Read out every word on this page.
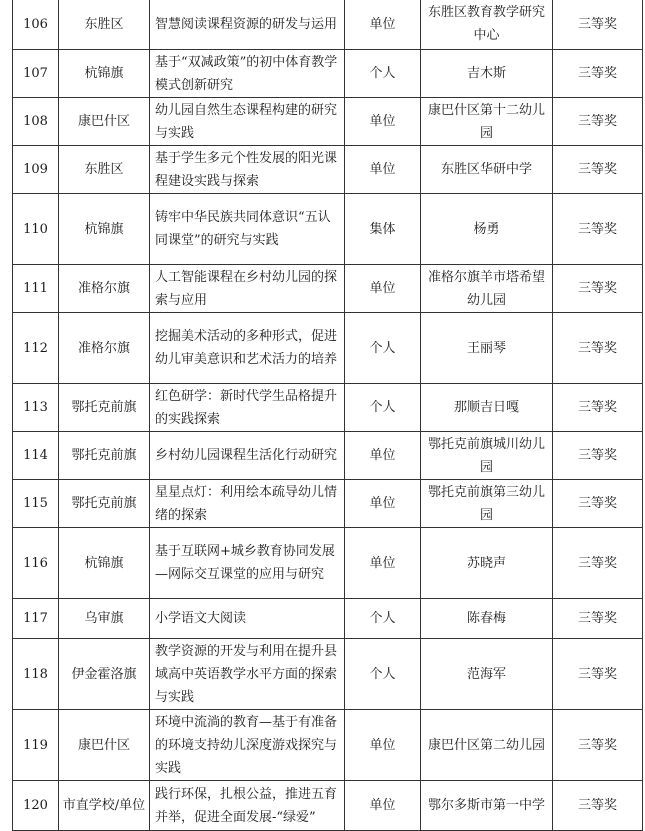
106	东胜区	智慧阅读课程资源的研发与运用	单位	东胜区教育教学研究中心	三等奖
107	杭锦旗	基于“双减政策”的初中体育教学模式创新研究	个人	吉木斯	三等奖
108	康巴什区	幼儿园自然生态课程构建的研究与实践	单位	康巴什区第十二幼儿园	三等奖
109	东胜区	基于学生多元个性发展的阳光课程建设实践与探索	单位	东胜区华研中学	三等奖
110	杭锦旗	铸牢中华民族共同体意识“五认同课堂”的研究与实践	集体	杨勇	三等奖
111	准格尔旗	人工智能课程在乡村幼儿园的探索与应用	单位	准格尔旗羊市塔希望幼儿园	三等奖
112	准格尔旗	挖掘美术活动的多种形式，促进幼儿审美意识和艺术活力的培养	个人	王丽琴	三等奖
113	鄂托克前旗	红色研学：新时代学生品格提升的实践探索	个人	那顺吉日嘎	三等奖
114	鄂托克前旗	乡村幼儿园课程生活化行动研究	单位	鄂托克前旗城川幼儿园	三等奖
115	鄂托克前旗	星星点灯：利用绘本疏导幼儿情绪的探索	单位	鄂托克前旗第三幼儿园	三等奖
116	杭锦旗	基于互联网+城乡教育协同发展—网际交互课堂的应用与研究	单位	苏晓声	三等奖
117	乌审旗	小学语文大阅读	个人	陈春梅	三等奖
118	伊金霍洛旗	教学资源的开发与利用在提升县域高中英语教学水平方面的探索与实践	个人	范海军	三等奖
119	康巴什区	环境中流淌的教育—基于有准备的环境支持幼儿深度游戏探究与实践	单位	康巴什区第二幼儿园	三等奖
120	市直学校/单位	践行环保，扎根公益，推进五育并举，促进全面发展-“绿爱”	单位	鄂尔多斯市第一中学	三等奖
